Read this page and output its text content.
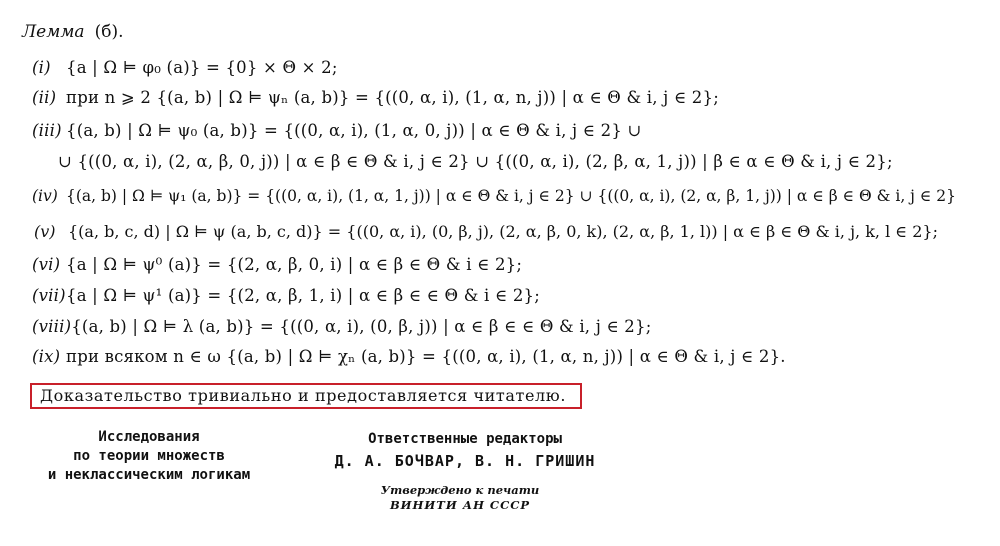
Лемма (б).
(i) {a | Ω ⊨ φ₀ (a)} = {0} × Θ × 2;
(ii) при n ⩾ 2 {(a, b) | Ω ⊨ ψₙ (a, b)} = {((0, α, i), (1, α, n, j)) | α ∈ Θ & i, j ∈ 2};
(iii) {(a, b) | Ω ⊨ ψ₀ (a, b)} = {((0, α, i), (1, α, 0, j)) | α ∈ Θ & i, j ∈ 2} ∪
∪ {((0, α, i), (2, α, β, 0, j)) | α ∈ β ∈ Θ & i, j ∈ 2} ∪ {((0, α, i), (2, β, α, 1, j)) | β ∈ α ∈ Θ & i, j ∈ 2};
(iv) {(a, b) | Ω ⊨ ψ₁ (a, b)} = {((0, α, i), (1, α, 1, j)) | α ∈ Θ & i, j ∈ 2} ∪ {((0, α, i), (2, α, β, 1, j)) | α ∈ β ∈ Θ & i, j ∈ 2}
(v) {(a, b, c, d) | Ω ⊨ ψ (a, b, c, d)} = {((0, α, i), (0, β, j), (2, α, β, 0, k), (2, α, β, 1, l)) | α ∈ β ∈ Θ & i, j, k, l ∈ 2};
(vi) {a | Ω ⊨ ψ⁰ (a)} = {(2, α, β, 0, i) | α ∈ β ∈ Θ & i ∈ 2};
(vii){a | Ω ⊨ ψ¹ (a)} = {(2, α, β, 1, i) | α ∈ β ∈ ∈ Θ & i ∈ 2};
(viii){(a, b) | Ω ⊨ λ (a, b)} = {((0, α, i), (0, β, j)) | α ∈ β ∈ ∈ Θ & i, j ∈ 2};
(ix) при всяком n ∈ ω {(a, b) | Ω ⊨ χₙ (a, b)} = {((0, α, i), (1, α, n, j)) | α ∈ Θ & i, j ∈ 2}.
Доказательство тривиально и предоставляется читателю.
Исследования
по теории множеств
и неклассическим логикам
Ответственные редакторы
Д. А. БОЧВАР, В. Н. ГРИШИН
Утверждено к печати
ВИНИТИ АН СССР
